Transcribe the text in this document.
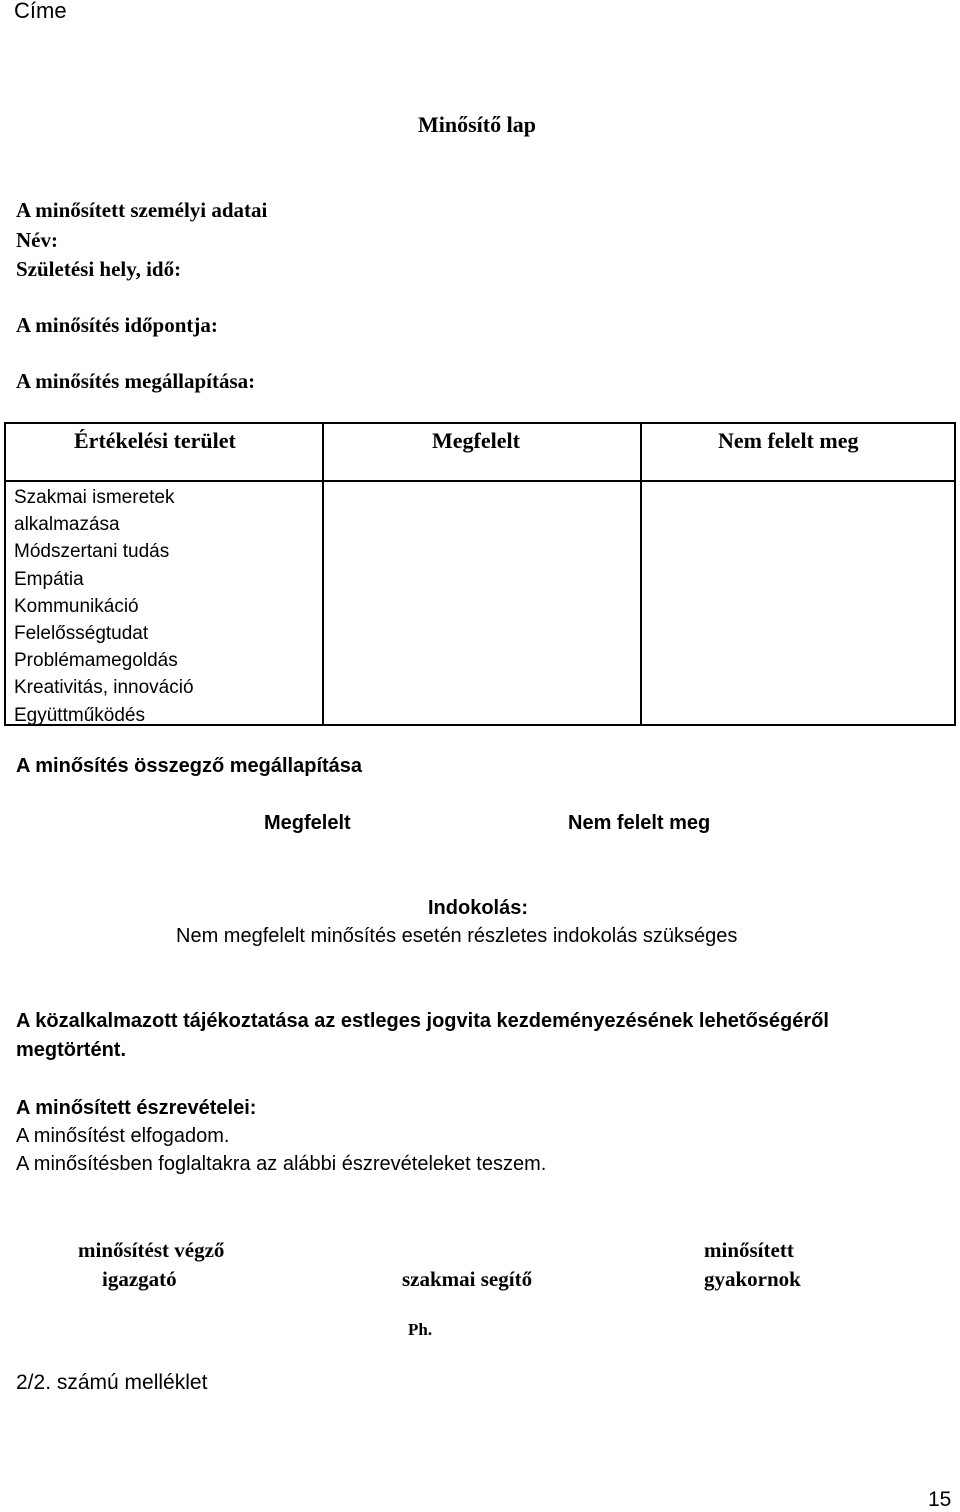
Címe
Minősítő lap
A minősített személyi adatai
Név:
Születési hely, idő:
A minősítés időpontja:
A minősítés megállapítása:
Értékelési terület	Megfelelt	Nem felelt meg
Szakmai ismeretek
alkalmazása
Módszertani tudás
Empátia
Kommunikáció
Felelősségtudat
Problémamegoldás
Kreativitás, innováció
Együttműködés
A minősítés összegző megállapítása
Megfelelt	Nem felelt meg
Indokolás:
Nem megfelelt minősítés esetén részletes indokolás szükséges
A közalkalmazott tájékoztatása az estleges jogvita kezdeményezésének lehetőségéről
megtörtént.
A minősített észrevételei:
A minősítést elfogadom.
A minősítésben foglaltakra az alábbi észrevételeket teszem.
minősítést végző
igazgató	szakmai segítő
minősített
gyakornok
Ph.
2/2. számú melléklet
15
